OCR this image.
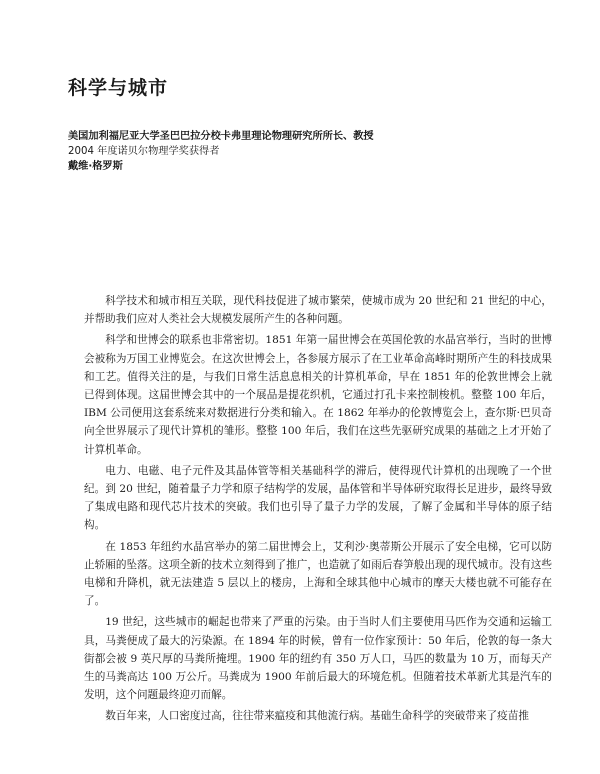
科学与城市
美国加利福尼亚大学圣巴巴拉分校卡弗里理论物理研究所所长、教授
2004 年度诺贝尔物理学奖获得者
戴维·格罗斯

科学技术和城市相互关联，现代科技促进了城市繁荣，使城市成为 20 世纪和 21 世纪的中心，并帮助我们应对人类社会大规模发展所产生的各种问题。

科学和世博会的联系也非常密切。1851 年第一届世博会在英国伦敦的水晶宫举行，当时的世博会被称为万国工业博览会。在这次世博会上，各参展方展示了在工业革命高峰时期所产生的科技成果和工艺。值得关注的是，与我们日常生活息息相关的计算机革命，早在 1851 年的伦敦世博会上就已得到体现。这届世博会其中的一个展品是提花织机，它通过打孔卡来控制梭机。整整 100 年后，IBM 公司便用这套系统来对数据进行分类和输入。在 1862 年举办的伦敦博览会上，查尔斯·巴贝奇向全世界展示了现代计算机的雏形。整整 100 年后，我们在这些先驱研究成果的基础之上才开始了计算机革命。

电力、电磁、电子元件及其晶体管等相关基础科学的滞后，使得现代计算机的出现晚了一个世纪。到 20 世纪，随着量子力学和原子结构学的发展，晶体管和半导体研究取得长足进步，最终导致了集成电路和现代芯片技术的突破。我们也引导了量子力学的发展，了解了金属和半导体的原子结构。

在 1853 年纽约水晶宫举办的第二届世博会上，艾利沙·奥蒂斯公开展示了安全电梯，它可以防止轿厢的坠落。这项全新的技术立刻得到了推广，也造就了如雨后春笋般出现的现代城市。没有这些电梯和升降机，就无法建造 5 层以上的楼房，上海和全球其他中心城市的摩天大楼也就不可能存在了。

19 世纪，这些城市的崛起也带来了严重的污染。由于当时人们主要使用马匹作为交通和运输工具，马粪便成了最大的污染源。在 1894 年的时候，曾有一位作家预计：50 年后，伦敦的每一条大街都会被 9 英尺厚的马粪所掩埋。1900 年的纽约有 350 万人口，马匹的数量为 10 万，而每天产生的马粪高达 100 万公斤。马粪成为 1900 年前后最大的环境危机。但随着技术革新尤其是汽车的发明，这个问题最终迎刃而解。

数百年来，人口密度过高，往往带来瘟疫和其他流行病。基础生命科学的突破带来了疫苗推
